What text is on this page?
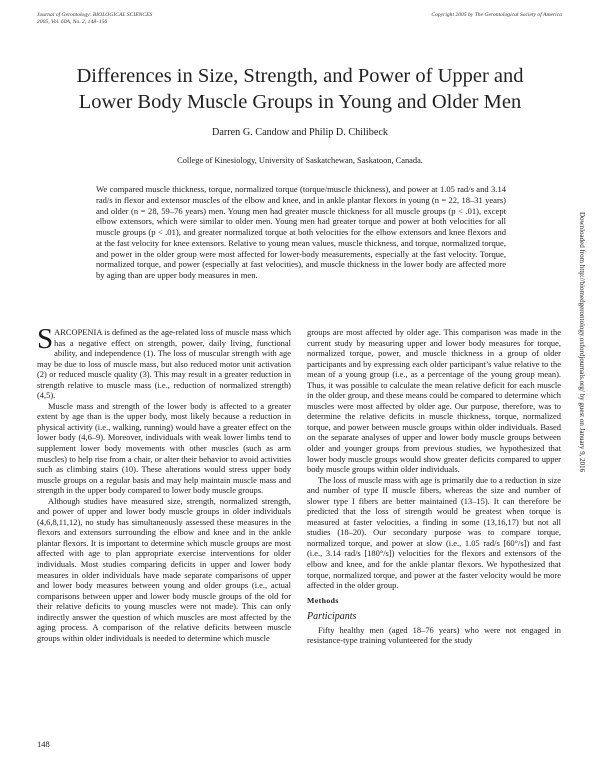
Journal of Gerontology: BIOLOGICAL SCIENCES
2005, Vol. 60A, No. 2, 148–156
Copyright 2005 by The Gerontological Society of America
Differences in Size, Strength, and Power of Upper and
Lower Body Muscle Groups in Young and Older Men
Darren G. Candow and Philip D. Chilibeck
College of Kinesiology, University of Saskatchewan, Saskatoon, Canada.

We compared muscle thickness, torque, normalized torque (torque/muscle thickness), and power at 1.05 rad/s and 3.14 rad/s in flexor and extensor muscles of the elbow and knee, and in ankle plantar flexors in young (n = 22, 18–31 years) and older (n = 28, 59–76 years) men. Young men had greater muscle thickness for all muscle groups (p < .01), except elbow extensors, which were similar to older men. Young men had greater torque and power at both velocities for all muscle groups (p < .01), and greater normalized torque at both velocities for the elbow extensors and knee flexors and at the fast velocity for knee extensors. Relative to young mean values, muscle thickness, and torque, normalized torque, and power in the older group were most affected for lower-body measurements, especially at the fast velocity. Torque, normalized torque, and power (especially at fast velocities), and muscle thickness in the lower body are affected more by aging than are upper body measures in men.	Downloaded from http://biomedgerontology.oxfordjournals.org/ by guest on January 9, 2016

SARCOPENIA is defined as the age-related loss of muscle mass which has a negative effect on strength, power, daily living, functional ability, and independence (1). The loss of muscular strength with age may be due to loss of muscle mass, but also reduced motor unit activation (2) or reduced muscle quality (3). This may result in a greater reduction in strength relative to muscle mass (i.e., reduction of normalized strength) (4,5).

Muscle mass and strength of the lower body is affected to a greater extent by age than is the upper body, most likely because a reduction in physical activity (i.e., walking, running) would have a greater effect on the lower body (4,6–9). Moreover, individuals with weak lower limbs tend to supplement lower body movements with other muscles (such as arm muscles) to help rise from a chair, or alter their behavior to avoid activities such as climbing stairs (10). These alterations would stress upper body muscle groups on a regular basis and may help maintain muscle mass and strength in the upper body compared to lower body muscle groups.

Although studies have measured size, strength, normalized strength, and power of upper and lower body muscle groups in older individuals (4,6,8,11,12), no study has simultaneously assessed these measures in the flexors and extensors surrounding the elbow and knee and in the ankle plantar flexors. It is important to determine which muscle groups are most affected with age to plan appropriate exercise interventions for older individuals. Most studies comparing deficits in upper and lower body measures in older individuals have made separate comparisons of upper and lower body measures between young and older groups (i.e., actual comparisons between upper and lower body muscle groups of the old for their relative deficits to young muscles were not made). This can only indirectly answer the question of which muscles are most affected by the aging process. A comparison of the relative deficits between muscle groups within older individuals is needed to determine which muscle

groups are most affected by older age. This comparison was made in the current study by measuring upper and lower body measures for torque, normalized torque, power, and muscle thickness in a group of older participants and by expressing each older participant’s value relative to the mean of a young group (i.e., as a percentage of the young group mean). Thus, it was possible to calculate the mean relative deficit for each muscle in the older group, and these means could be compared to determine which muscles were most affected by older age. Our purpose, therefore, was to determine the relative deficits in muscle thickness, torque, normalized torque, and power between muscle groups within older individuals. Based on the separate analyses of upper and lower body muscle groups between older and younger groups from previous studies, we hypothesized that lower body muscle groups would show greater deficits compared to upper body muscle groups within older individuals.

The loss of muscle mass with age is primarily due to a reduction in size and number of type II muscle fibers, whereas the size and number of slower type I fibers are better maintained (13–15). It can therefore be predicted that the loss of strength would be greatest when torque is measured at faster velocities, a finding in some (13,16,17) but not all studies (18–20). Our secondary purpose was to compare torque, normalized torque, and power at slow (i.e., 1.05 rad/s [60°/s]) and fast (i.e., 3.14 rad/s [180°/s]) velocities for the flexors and extensors of the elbow and knee, and for the ankle plantar flexors. We hypothesized that torque, normalized torque, and power at the faster velocity would be more affected in the older group.

Methods
Participants

Fifty healthy men (aged 18–76 years) who were not engaged in resistance-type training volunteered for the study

148
